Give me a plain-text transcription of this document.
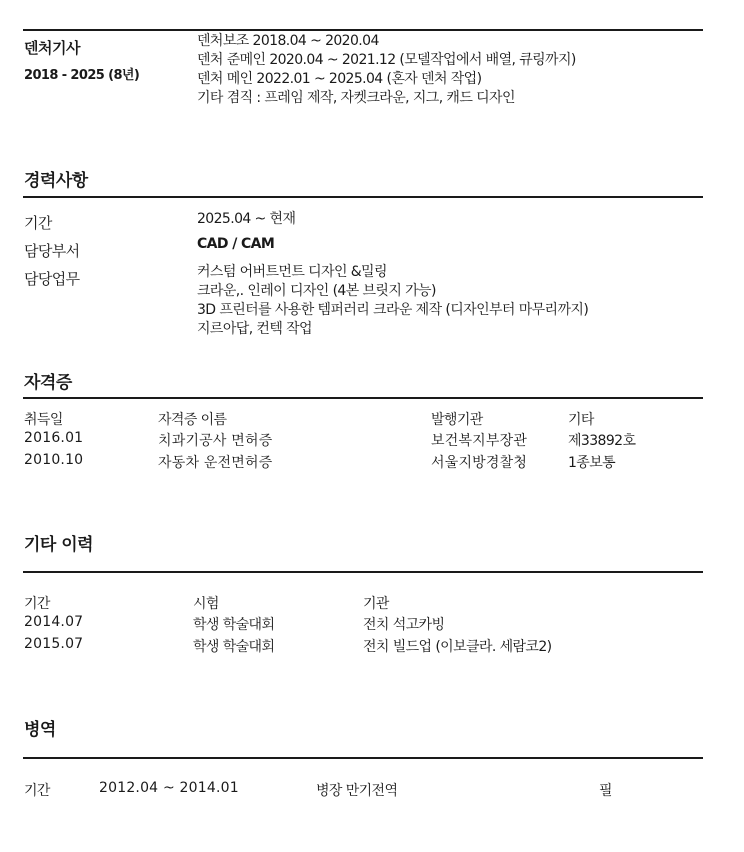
덴처기사
2018 - 2025 (8년)
덴처보조 2018.04 ~ 2020.04
덴처 준메인 2020.04 ~ 2021.12 (모델작업에서 배열, 큐링까지)
덴처 메인 2022.01 ~ 2025.04 (혼자 덴처 작업)
기타 겸직 : 프레임 제작, 자켓크라운, 지그, 캐드 디자인
경력사항
기간	2025.04 ~ 현재
담당부서	CAD / CAM
담당업무	커스텀 어버트먼트 디자인 &밀링
크라운,. 인레이 디자인 (4본 브릿지 가능)
3D 프린터를 사용한 템퍼러리 크라운 제작 (디자인부터 마무리까지)
지르아답, 컨텍 작업
자격증
취득일	자격증 이름	발행기관	기타
2016.01	치과기공사 면허증	보건복지부장관	제33892호
2010.10	자동차 운전면허증	서울지방경찰청	1종보통
기타 이력
기간	시험	기관
2014.07	학생 학술대회	전치 석고카빙
2015.07	학생 학술대회	전치 빌드업 (이보클라. 세람코2)
병역
기간	2012.04 ~ 2014.01	병장 만기전역	필
